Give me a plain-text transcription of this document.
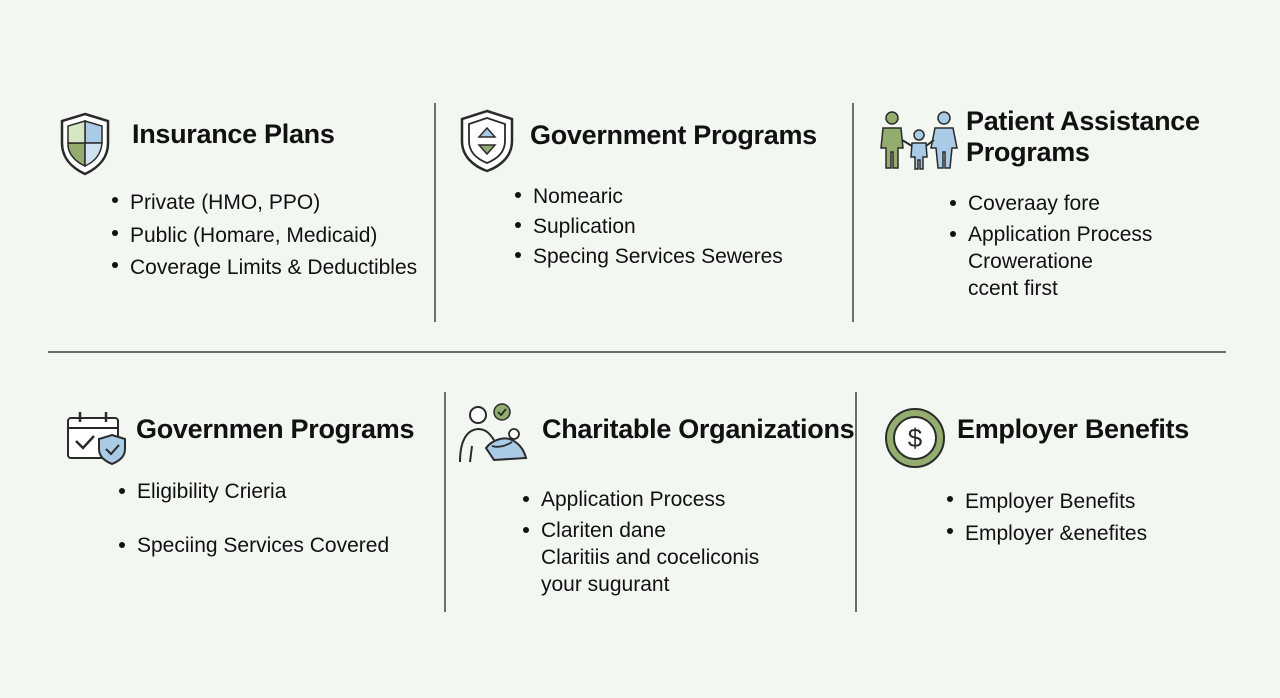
Insurance Plans
Private (HMO, PPO)
Public (Homare, Medicaid)
Coverage Limits & Deductibles
Government Programs
Nomearic
Suplication
Specing Services Seweres
Patient Assistance
Programs
Coveraay fore
Application Process
Croweratione
ccent first
Governmen Programs
Eligibility Crieria
Speciing Services Covered
Charitable Organizations
Application Process
Clariten dane
Claritiis and coceliconis
your sugurant
$ Employer Benefits
Employer Benefits
Employer &enefites
